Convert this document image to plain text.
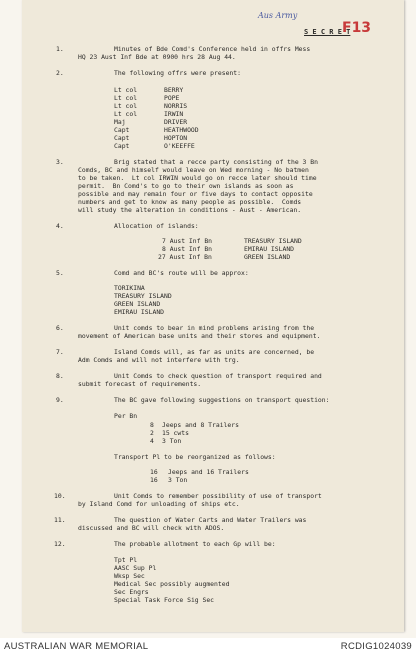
Aus Army
F13
S E C R E T
1.	Minutes of Bde Comd's Conference held in offrs Mess
HQ 23 Aust Inf Bde at 0900 hrs 28 Aug 44.
2.	The following offrs were present:
Lt col	BERRY
Lt col	POPE
Lt col	NORRIS
Lt col	IRWIN
Maj	DRIVER
Capt	HEATHWOOD
Capt	HOPTON
Capt	O'KEEFFE
3.	Brig stated that a recce party consisting of the 3 Bn
Comds, BC and himself would leave on Wed morning - No batmen
to be taken.  Lt col IRWIN would go on recce later should time
permit.  Bn Comd's to go to their own islands as soon as
possible and may remain four or five days to contact opposite
numbers and get to know as many people as possible.  Comds
will study the alteration in conditions - Aust - American.
4.	Allocation of islands:
7 Aust Inf Bn	TREASURY ISLAND
8 Aust Inf Bn	EMIRAU ISLAND
27 Aust Inf Bn	GREEN ISLAND
5.	Comd and BC's route will be approx:
TORIKINA
TREASURY ISLAND
GREEN ISLAND
EMIRAU ISLAND
6.	Unit comds to bear in mind problems arising from the
movement of American base units and their stores and equipment.
7.	Island Comds will, as far as units are concerned, be
Adm Comds and will not interfere with trg.
8.	Unit Comds to check question of transport required and
submit forecast of requirements.
9.	The BC gave following suggestions on transport question:
Per Bn
8 Jeeps and 8 Trailers
2 15 cwts
4 3 Ton
Transport Pl to be reorganized as follows:
16 Jeeps and 16 Trailers
16 3 Ton
10.	Unit Comds to remember possibility of use of transport
by Island Comd for unloading of ships etc.
11.	The question of Water Carts and Water Trailers was
discussed and BC will check with ADOS.
12.	The probable allotment to each Gp will be:
Tpt Pl
AASC Sup Pl
Wksp Sec
Medical Sec possibly augmented
Sec Engrs
Special Task Force Sig Sec
AUSTRALIAN WAR MEMORIAL	RCDIG1024039
